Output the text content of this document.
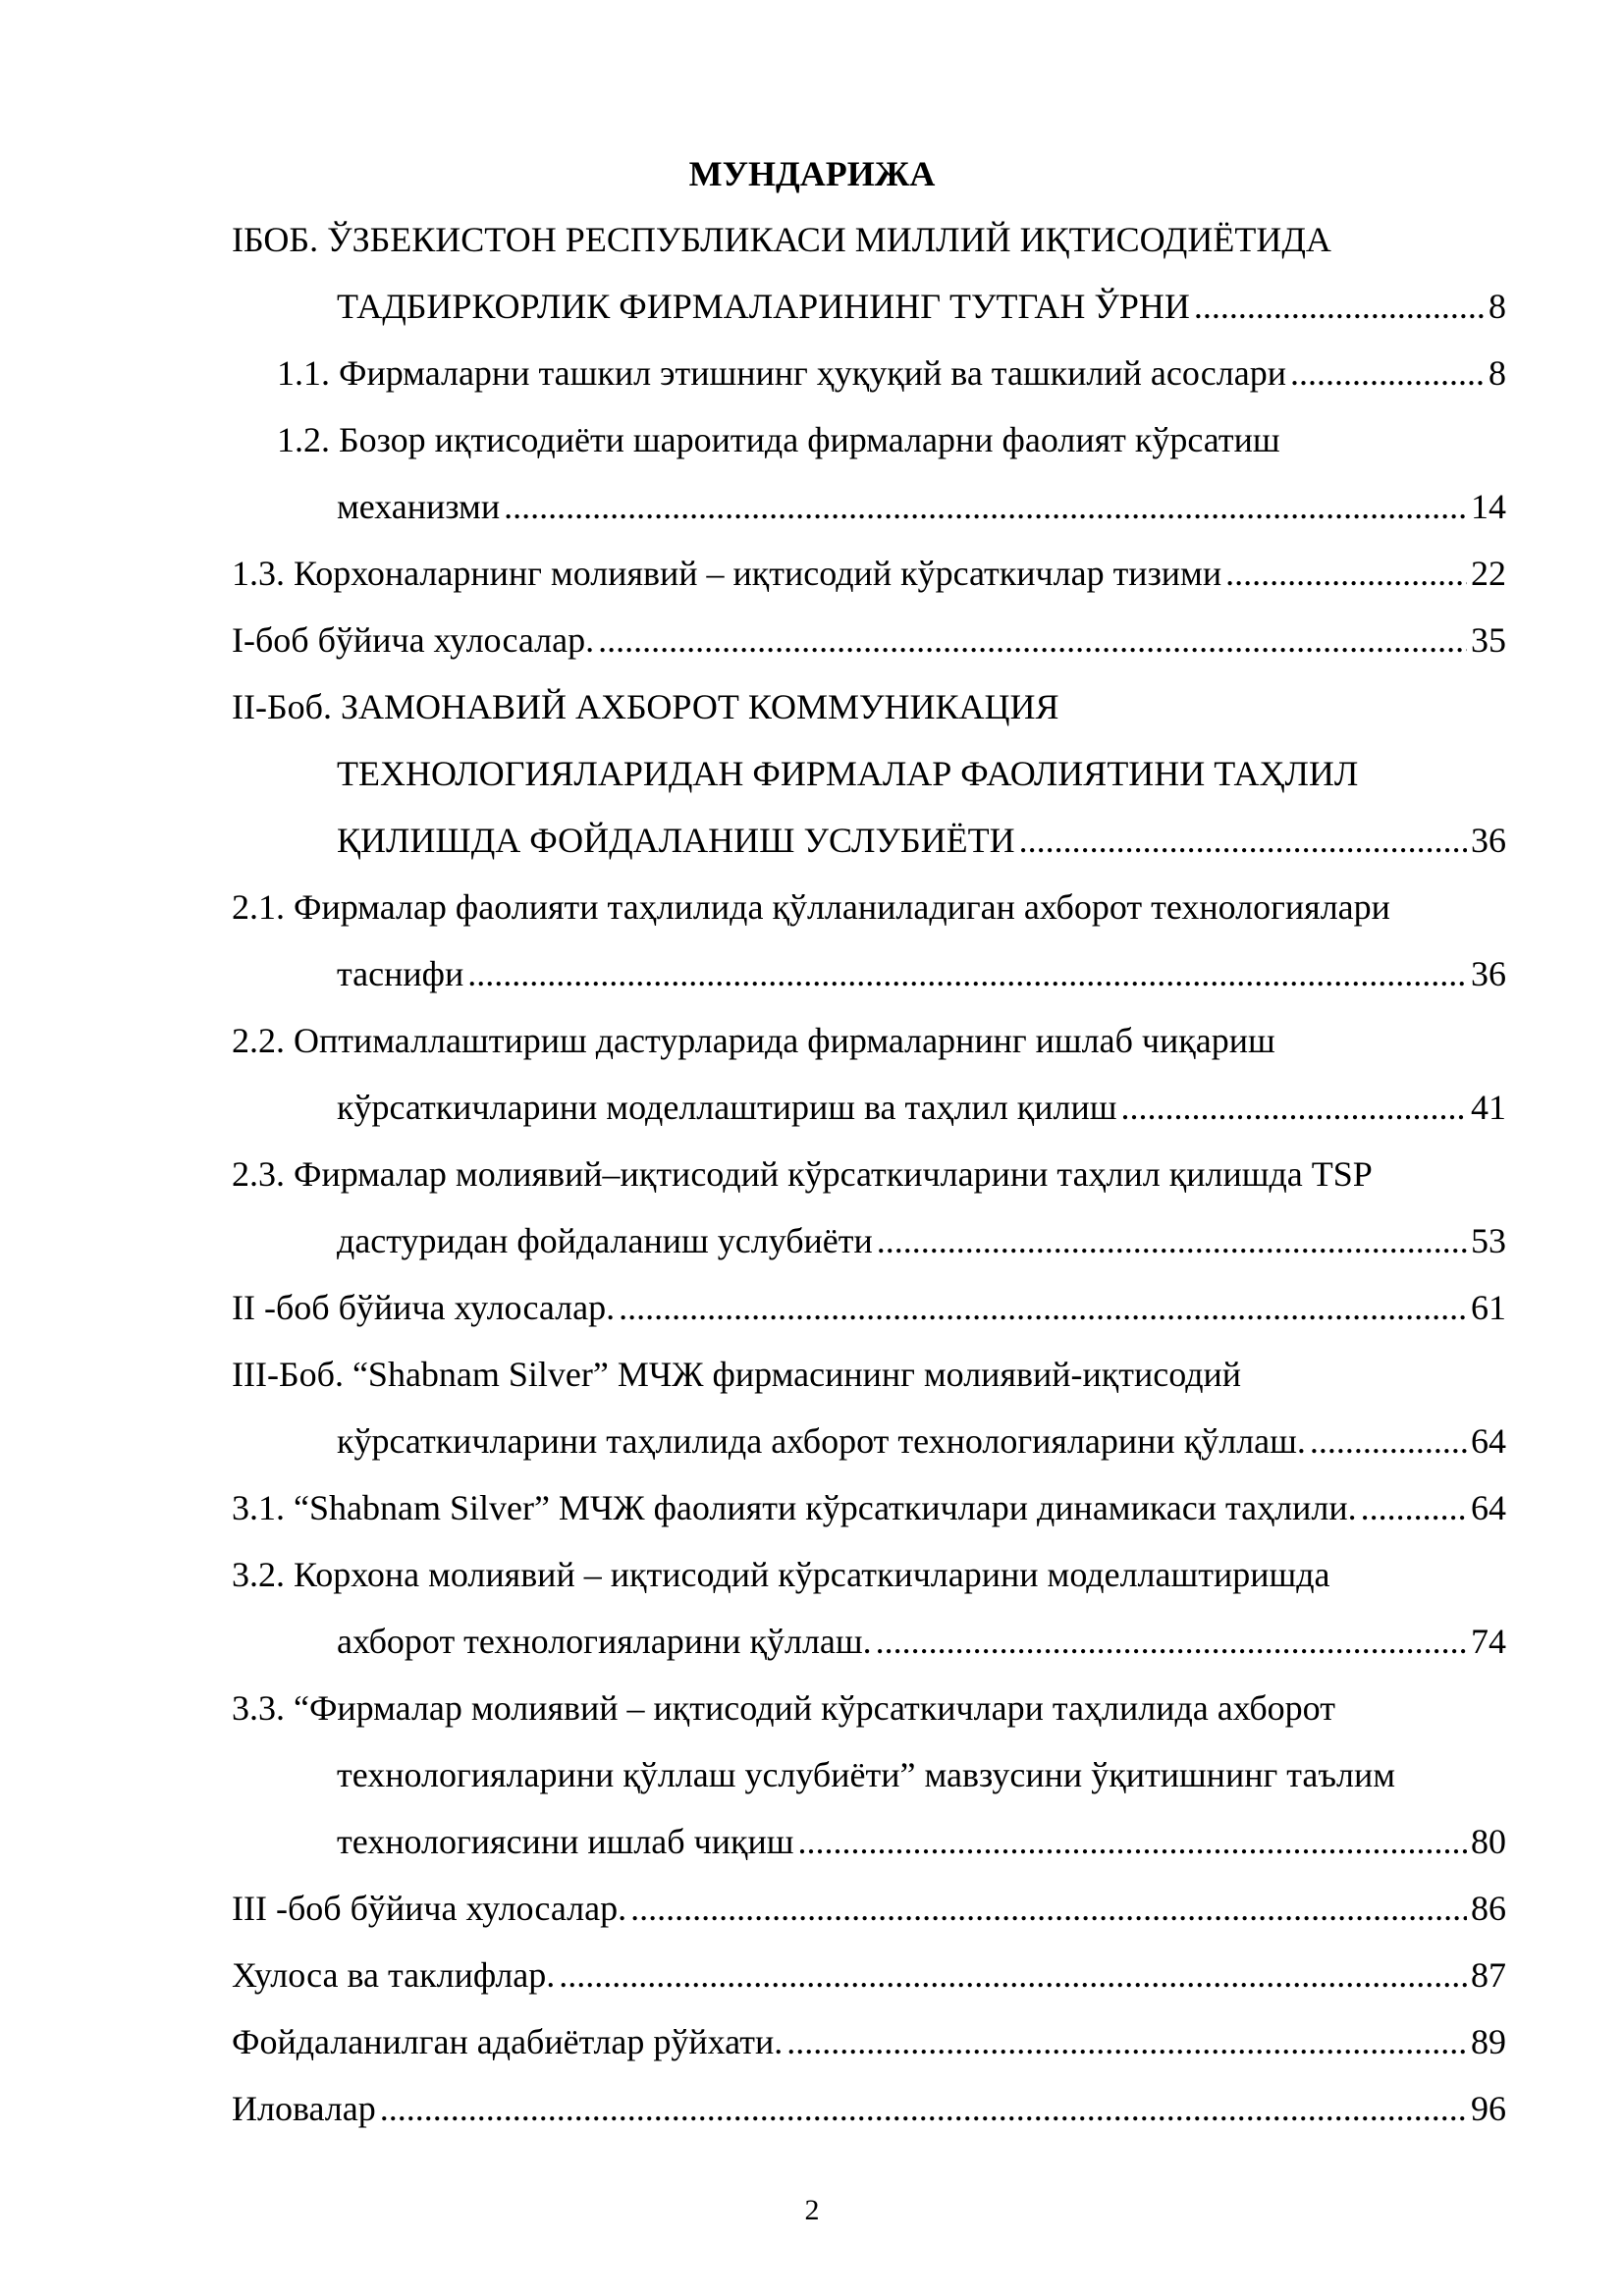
МУНДАРИЖА
IБОБ. ЎЗБЕКИСТОН РЕСПУБЛИКАСИ МИЛЛИЙ ИҚТИСОДИЁТИДА
ТАДБИРКОРЛИК ФИРМАЛАРИНИНГ ТУТГАН ЎРНИ .....	8
1.1. Фирмаларни ташкил этишнинг ҳуқуқий ва ташкилий асослари .....	8
1.2. Бозор иқтисодиёти шароитида фирмаларни фаолият кўрсатиш
механизми .....	14
1.3. Корхоналарнинг молиявий – иқтисодий кўрсаткичлар тизими .....	22
I-боб бўйича хулосалар. .....	35
II-Боб. ЗАМОНАВИЙ АХБОРОТ КОММУНИКАЦИЯ
ТЕХНОЛОГИЯЛАРИДАН ФИРМАЛАР ФАОЛИЯТИНИ ТАҲЛИЛ
ҚИЛИШДА ФОЙДАЛАНИШ УСЛУБИЁТИ .....	36
2.1. Фирмалар фаолияти таҳлилида қўлланиладиган ахборот технологиялари
таснифи .....	36
2.2. Оптималлаштириш дастурларида фирмаларнинг ишлаб чиқариш
кўрсаткичларини моделлаштириш ва таҳлил қилиш .....	41
2.3. Фирмалар молиявий–иқтисодий кўрсаткичларини таҳлил қилишда TSP
дастуридан фойдаланиш услубиёти .....	53
II -боб бўйича хулосалар. .....	61
III-Боб. “Shabnam Silver” МЧЖ фирмасининг молиявий-иқтисодий
кўрсаткичларини таҳлилида ахборот технологияларини қўллаш. .....	64
3.1. “Shabnam Silver” МЧЖ фаолияти кўрсаткичлари динамикаси таҳлили. .....	64
3.2. Корхона молиявий – иқтисодий кўрсаткичларини моделлаштиришда
ахборот технологияларини қўллаш. .....	74
3.3. “Фирмалар молиявий – иқтисодий кўрсаткичлари таҳлилида ахборот
технологияларини қўллаш услубиёти” мавзусини ўқитишнинг таълим
технологиясини ишлаб чиқиш .....	80
III -боб бўйича хулосалар. .....	86
Хулоса ва таклифлар. .....	87
Фойдаланилган адабиётлар рўйхати. .....	89
Иловалар .....	96
2
